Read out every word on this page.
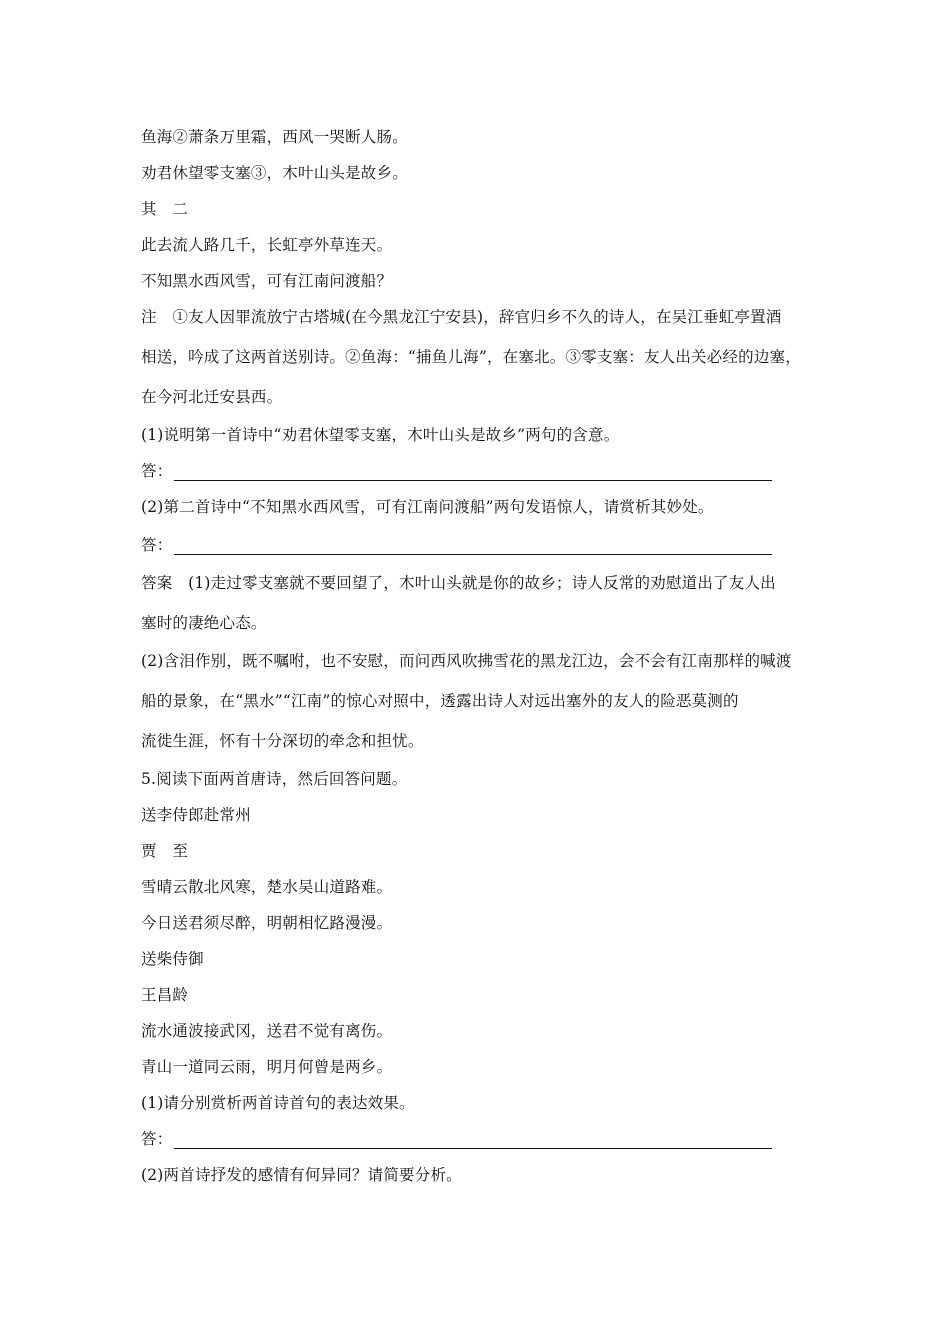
鱼海②萧条万里霜，西风一哭断人肠。
劝君休望零支塞③，木叶山头是故乡。
其　二
此去流人路几千，长虹亭外草连天。
不知黑水西风雪，可有江南问渡船？
注　①友人因罪流放宁古塔城(在今黑龙江宁安县)，辞官归乡不久的诗人，在吴江垂虹亭置酒
相送，吟成了这两首送别诗。②鱼海：“捕鱼儿海”，在塞北。③零支塞：友人出关必经的边塞，
在今河北迁安县西。
(1)说明第一首诗中“劝君休望零支塞，木叶山头是故乡”两句的含意。
答：
(2)第二首诗中“不知黑水西风雪，可有江南问渡船”两句发语惊人，请赏析其妙处。
答：
答案　(1)走过零支塞就不要回望了，木叶山头就是你的故乡；诗人反常的劝慰道出了友人出
塞时的凄绝心态。
(2)含泪作别，既不嘱咐，也不安慰，而问西风吹拂雪花的黑龙江边，会不会有江南那样的喊渡
船的景象，在“黑水”“江南”的惊心对照中，透露出诗人对远出塞外的友人的险恶莫测的
流徙生涯，怀有十分深切的牵念和担忧。
5.阅读下面两首唐诗，然后回答问题。
送李侍郎赴常州
贾　至
雪晴云散北风寒，楚水吴山道路难。
今日送君须尽醉，明朝相忆路漫漫。
送柴侍御
王昌龄
流水通波接武冈，送君不觉有离伤。
青山一道同云雨，明月何曾是两乡。
(1)请分别赏析两首诗首句的表达效果。
答：
(2)两首诗抒发的感情有何异同？请简要分析。
